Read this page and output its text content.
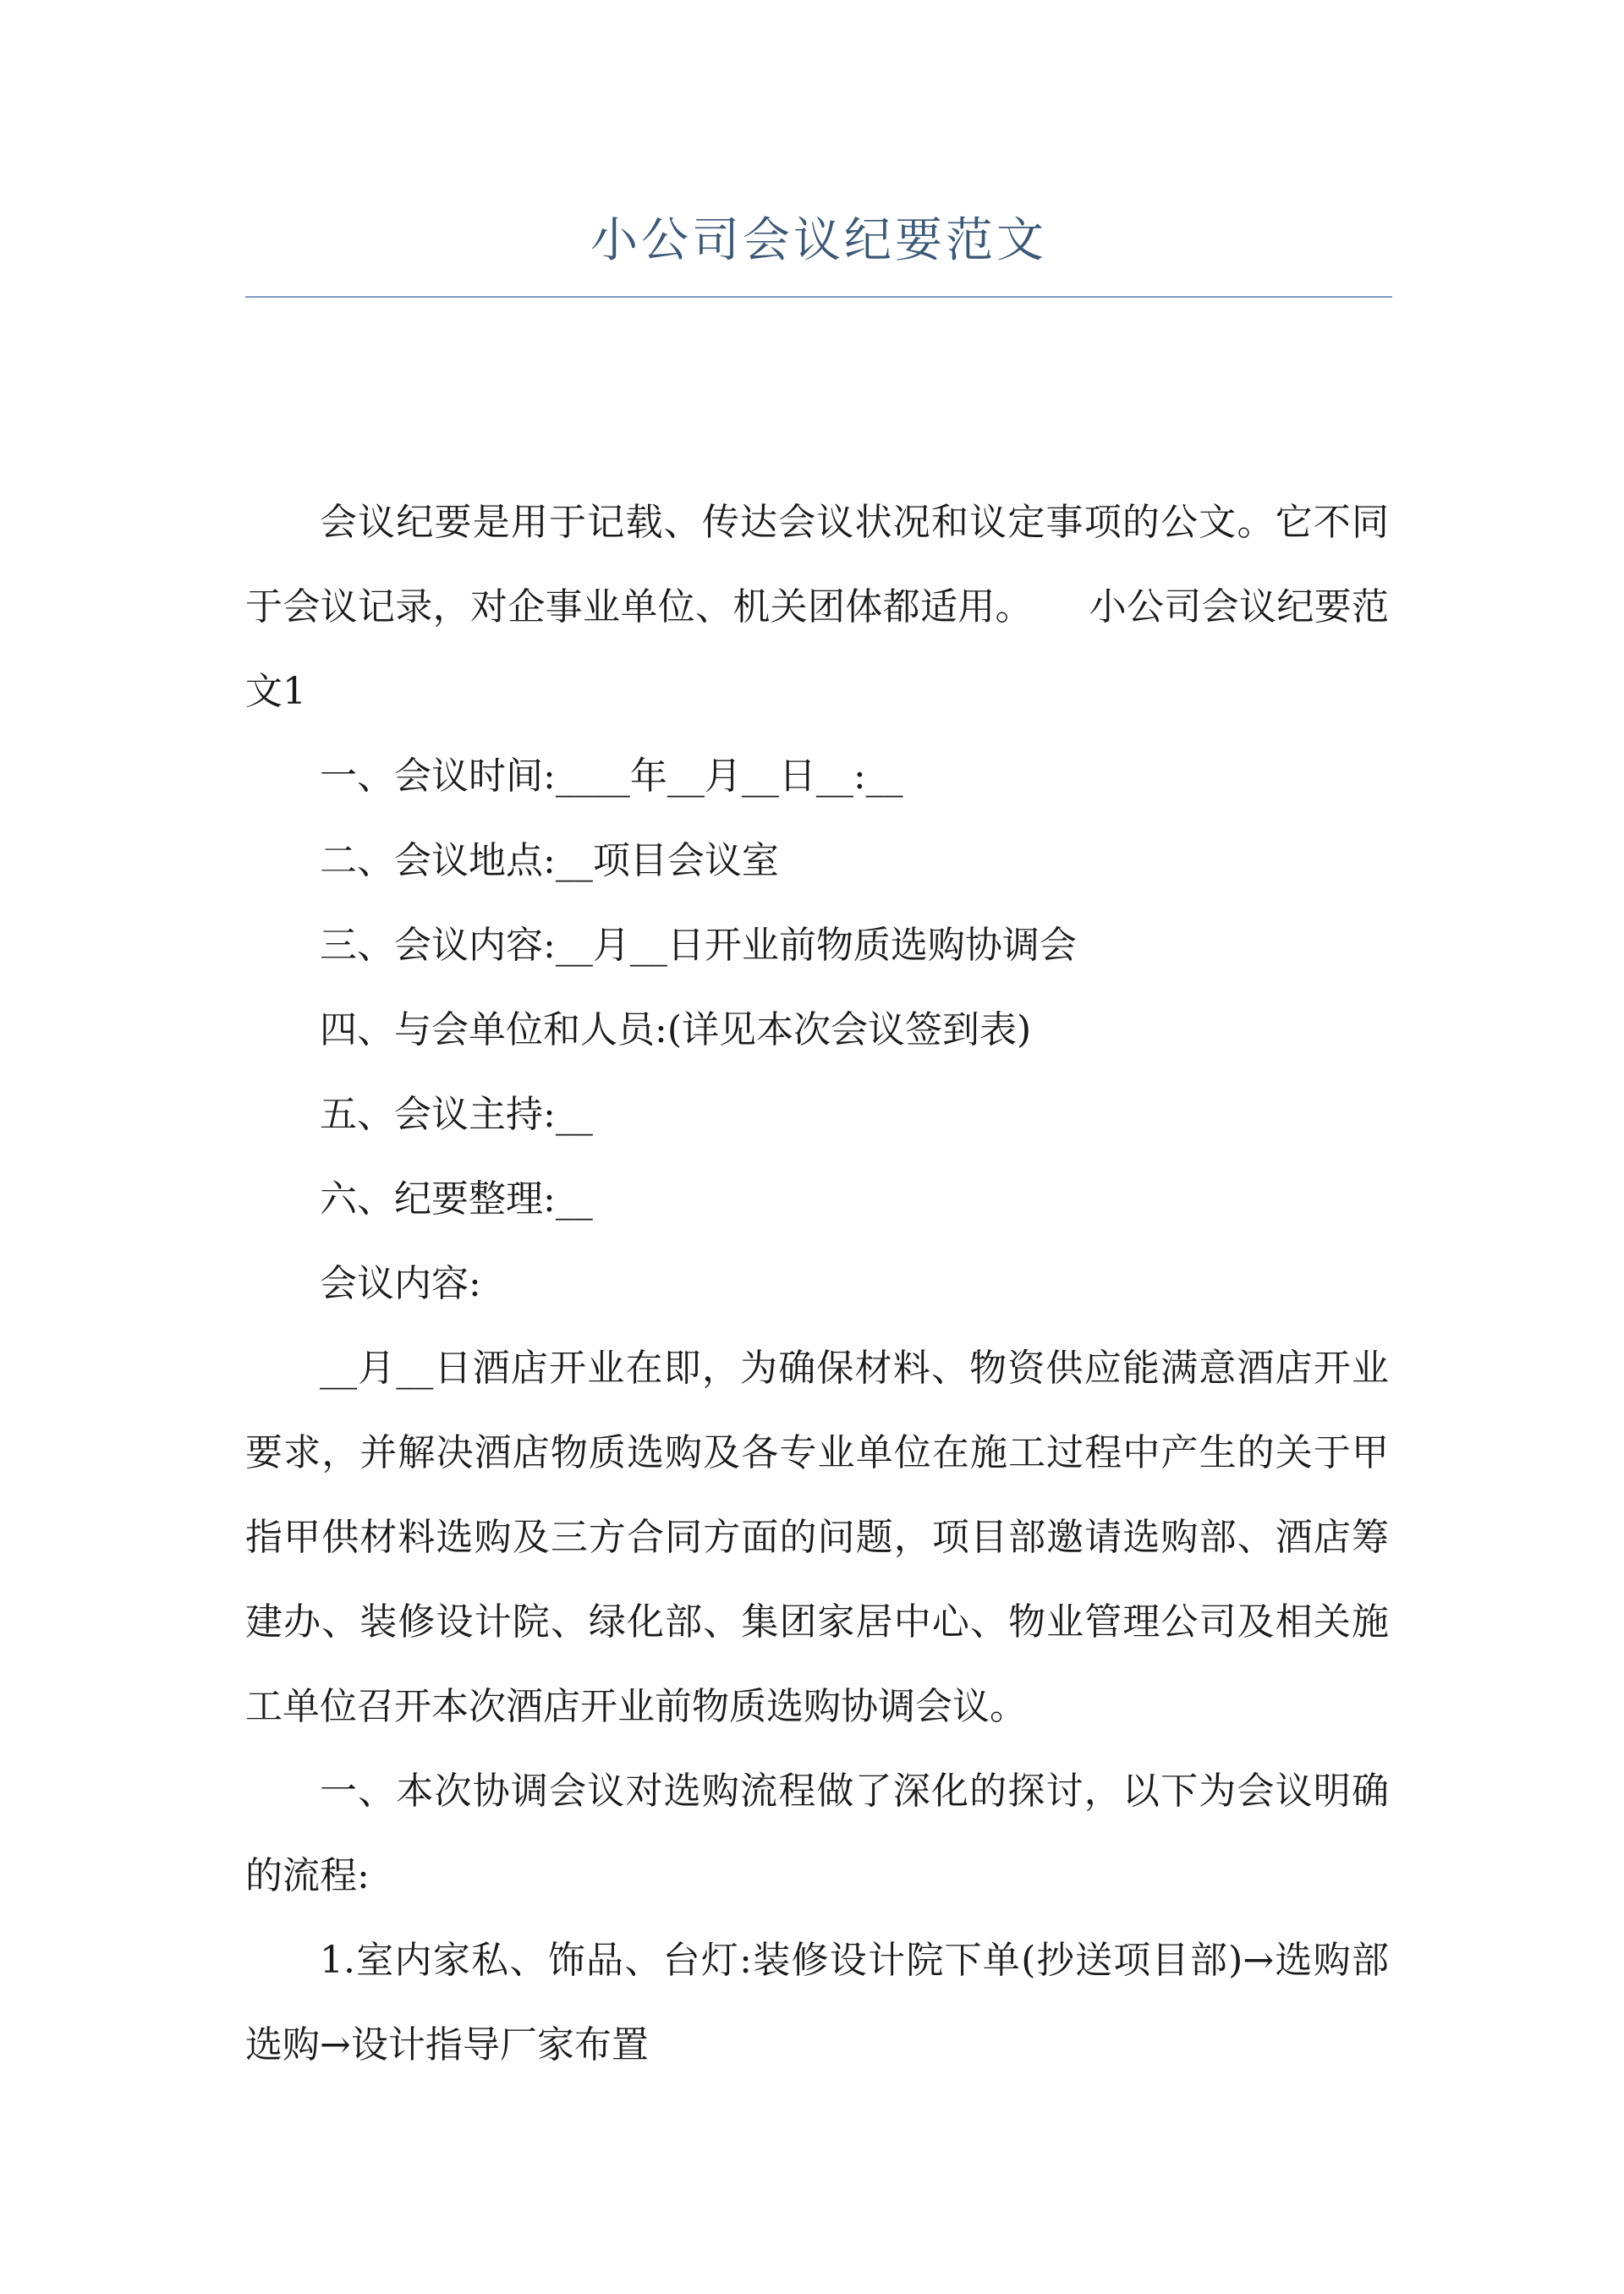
小公司会议纪要范文

会议纪要是用于记载、传达会议状况和议定事项的公文。它不同于会议记录，对企事业单位、机关团体都适用。　　小公司会议纪要范文1

一、会议时间:____年__月__日__:__

二、会议地点:__项目会议室

三、会议内容:__月__日开业前物质选购协调会

四、与会单位和人员:(详见本次会议签到表)

五、会议主持:__

六、纪要整理:__

会议内容:

__月__日酒店开业在即，为确保材料、物资供应能满意酒店开业要求，并解决酒店物质选购及各专业单位在施工过程中产生的关于甲指甲供材料选购及三方合同方面的问题，项目部邀请选购部、酒店筹建办、装修设计院、绿化部、集团家居中心、物业管理公司及相关施工单位召开本次酒店开业前物质选购协调会议。

一、本次协调会议对选购流程做了深化的探讨，以下为会议明确的流程:

1.室内家私、饰品、台灯:装修设计院下单(抄送项目部)→选购部选购→设计指导厂家布置
